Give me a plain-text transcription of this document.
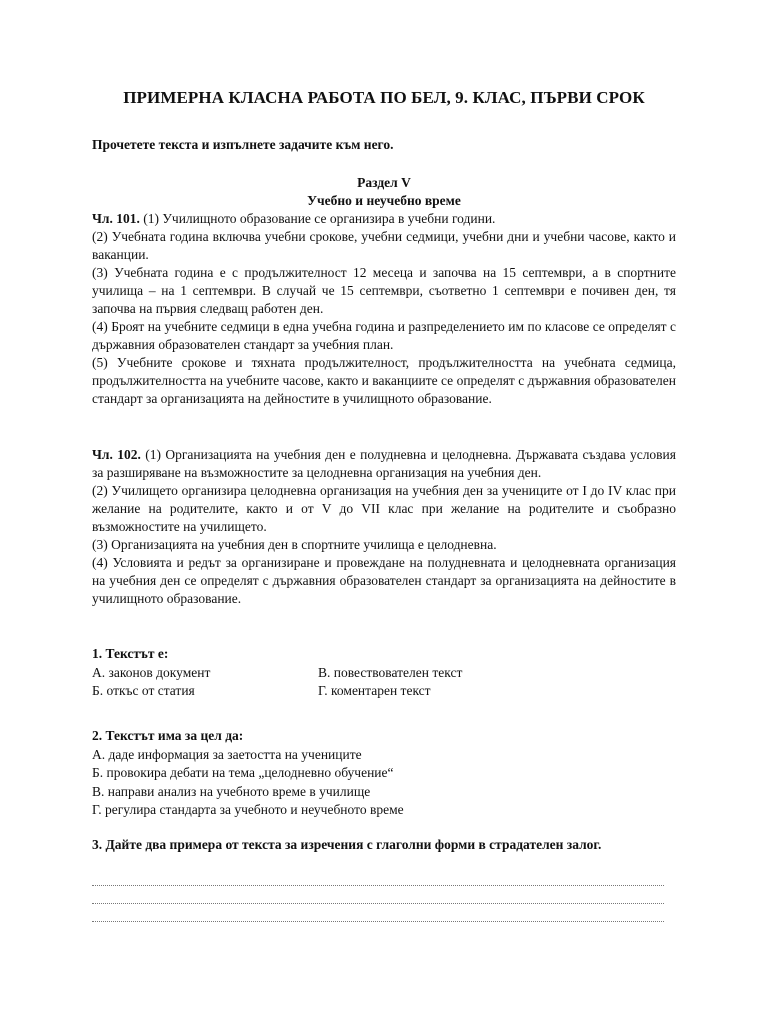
ПРИМЕРНА КЛАСНА РАБОТА ПО БЕЛ, 9. КЛАС, ПЪРВИ СРОК
Прочетете текста и изпълнете задачите към него.
Раздел V
Учебно и неучебно време

Чл. 101. (1) Училищното образование се организира в учебни години.

(2) Учебната година включва учебни срокове, учебни седмици, учебни дни и учебни часове, както и ваканции.

(3) Учебната година е с продължителност 12 месеца и започва на 15 септември, а в спортните училища – на 1 септември. В случай че 15 септември, съответно 1 септември е почивен ден, тя започва на първия следващ работен ден.

(4) Броят на учебните седмици в една учебна година и разпределението им по класове се определят с държавния образователен стандарт за учебния план.

(5) Учебните срокове и тяхната продължителност, продължителността на учебната седмица, продължителността на учебните часове, както и ваканциите се определят с държавния образователен стандарт за организацията на дейностите в училищното образование.

Чл. 102. (1) Организацията на учебния ден е полудневна и целодневна. Държавата създава условия за разширяване на възможностите за целодневна организация на учебния ден.

(2) Училището организира целодневна организация на учебния ден за учениците от I до IV клас при желание на родителите, както и от V до VII клас при желание на родителите и съобразно възможностите на училището.

(3) Организацията на учебния ден в спортните училища е целодневна.

(4) Условията и редът за организиране и провеждане на полудневната и целодневната организация на учебния ден се определят с държавния образователен стандарт за организацията на дейностите в училищното образование.

1. Текстът е:
А. законов документ	В. повествователен текст
Б. откъс от статия	Г. коментарен текст
2. Текстът има за цел да:
А. даде информация за заетостта на учениците
Б. провокира дебати на тема „целодневно обучение“
В. направи анализ на учебното време в училище
Г. регулира стандарта за учебното и неучебното време
3. Дайте два примера от текста за изречения с глаголни форми в страдателен залог.
